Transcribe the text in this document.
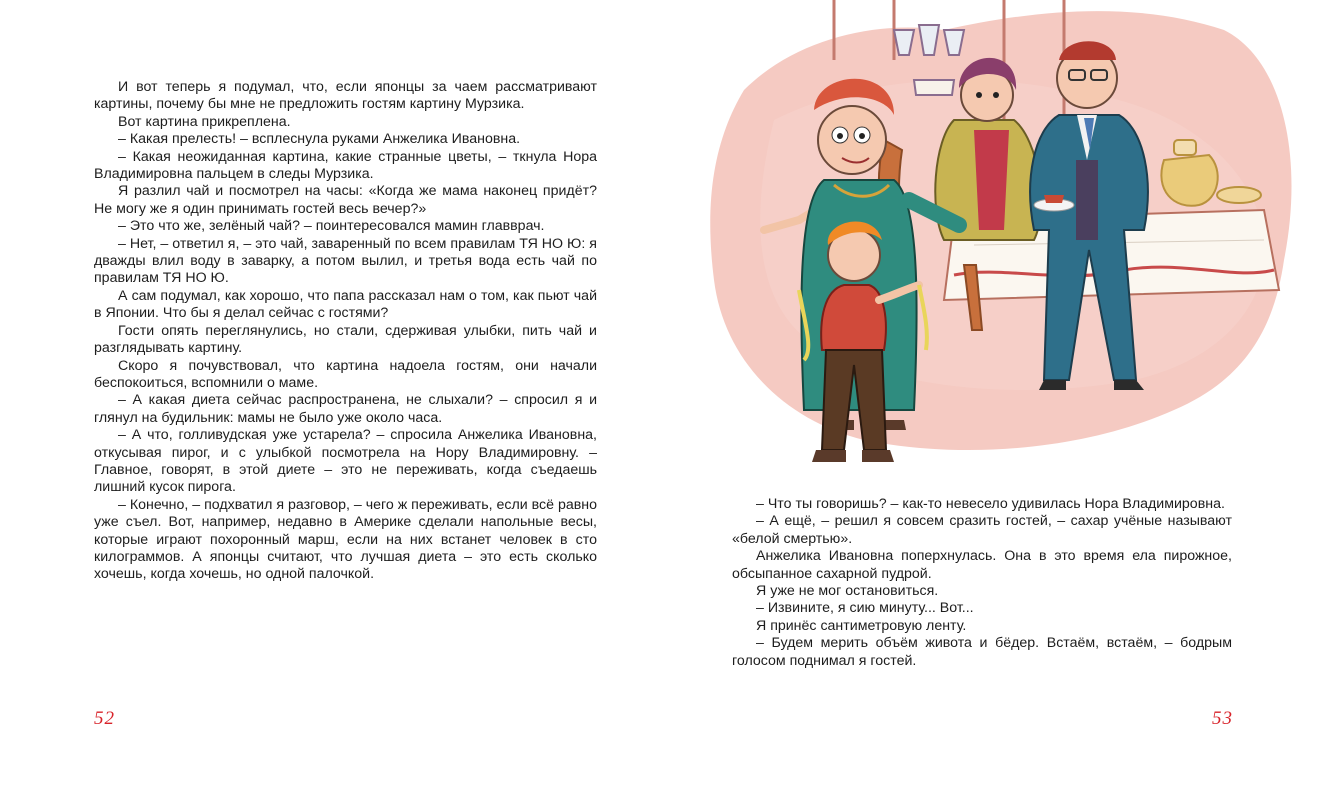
И вот теперь я подумал, что, если японцы за чаем рассматривают картины, почему бы мне не предложить гостям картину Мурзика.

Вот картина прикреплена.

– Какая прелесть! – всплеснула руками Анжелика Ивановна.

– Какая неожиданная картина, какие странные цветы, – ткнула Нора Владимировна пальцем в следы Мурзика.

Я разлил чай и посмотрел на часы: «Когда же мама наконец придёт? Не могу же я один принимать гостей весь вечер?»

– Это что же, зелёный чай? – поинтересовался мамин главврач.

– Нет, – ответил я, – это чай, заваренный по всем правилам ТЯ НО Ю: я дважды влил воду в заварку, а потом вылил, и третья вода есть чай по правилам ТЯ НО Ю.

А сам подумал, как хорошо, что папа рассказал нам о том, как пьют чай в Японии. Что бы я делал сейчас с гостями?

Гости опять переглянулись, но стали, сдерживая улыбки, пить чай и разглядывать картину.

Скоро я почувствовал, что картина надоела гостям, они начали беспокоиться, вспомнили о маме.

– А какая диета сейчас распространена, не слыхали? – спросил я и глянул на будильник: мамы не было уже около часа.

– А что, голливудская уже устарела? – спросила Анжелика Ивановна, откусывая пирог, и с улыбкой посмотрела на Нору Владимировну. – Главное, говорят, в этой диете – это не переживать, когда съедаешь лишний кусок пирога.

– Конечно, – подхватил я разговор, – чего ж переживать, если всё равно уже съел. Вот, например, недавно в Америке сделали напольные весы, которые играют похоронный марш, если на них встанет человек в сто килограммов. А японцы считают, что лучшая диета – это есть сколько хочешь, когда хочешь, но одной палочкой.

52

– Что ты говоришь? – как-то невесело удивилась Нора Владимировна.

– А ещё, – решил я совсем сразить гостей, – сахар учёные называют «белой смертью».

Анжелика Ивановна поперхнулась. Она в это время ела пирожное, обсыпанное сахарной пудрой.

Я уже не мог остановиться.

– Извините, я сию минуту... Вот...

Я принёс сантиметровую ленту.

– Будем мерить объём живота и бёдер. Встаём, встаём, – бодрым голосом поднимал я гостей.

53
